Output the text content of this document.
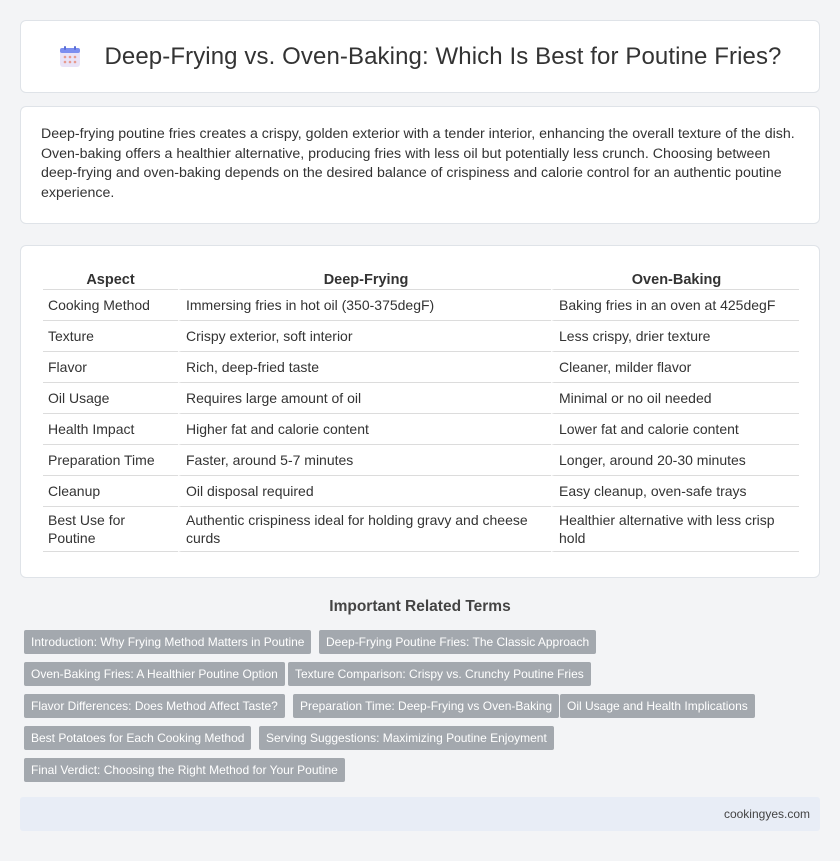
Deep-Frying vs. Oven-Baking: Which Is Best for Poutine Fries?

Deep-frying poutine fries creates a crispy, golden exterior with a tender interior, enhancing the overall texture of the dish. Oven-baking offers a healthier alternative, producing fries with less oil but potentially less crunch. Choosing between deep-frying and oven-baking depends on the desired balance of crispiness and calorie control for an authentic poutine experience.

Aspect	Deep-Frying	Oven-Baking
Cooking Method	Immersing fries in hot oil (350-375degF)	Baking fries in an oven at 425degF
Texture	Crispy exterior, soft interior	Less crispy, drier texture
Flavor	Rich, deep-fried taste	Cleaner, milder flavor
Oil Usage	Requires large amount of oil	Minimal or no oil needed
Health Impact	Higher fat and calorie content	Lower fat and calorie content
Preparation Time	Faster, around 5-7 minutes	Longer, around 20-30 minutes
Cleanup	Oil disposal required	Easy cleanup, oven-safe trays
Best Use for Poutine	Authentic crispiness ideal for holding gravy and cheese curds	Healthier alternative with less crisp hold
Important Related Terms
Introduction: Why Frying Method Matters in Poutine	Deep-Frying Poutine Fries: The Classic Approach
Oven-Baking Fries: A Healthier Poutine Option	Texture Comparison: Crispy vs. Crunchy Poutine Fries
Flavor Differences: Does Method Affect Taste?	Preparation Time: Deep-Frying vs Oven-Baking	Oil Usage and Health Implications
Best Potatoes for Each Cooking Method	Serving Suggestions: Maximizing Poutine Enjoyment
Final Verdict: Choosing the Right Method for Your Poutine
cookingyes.com
